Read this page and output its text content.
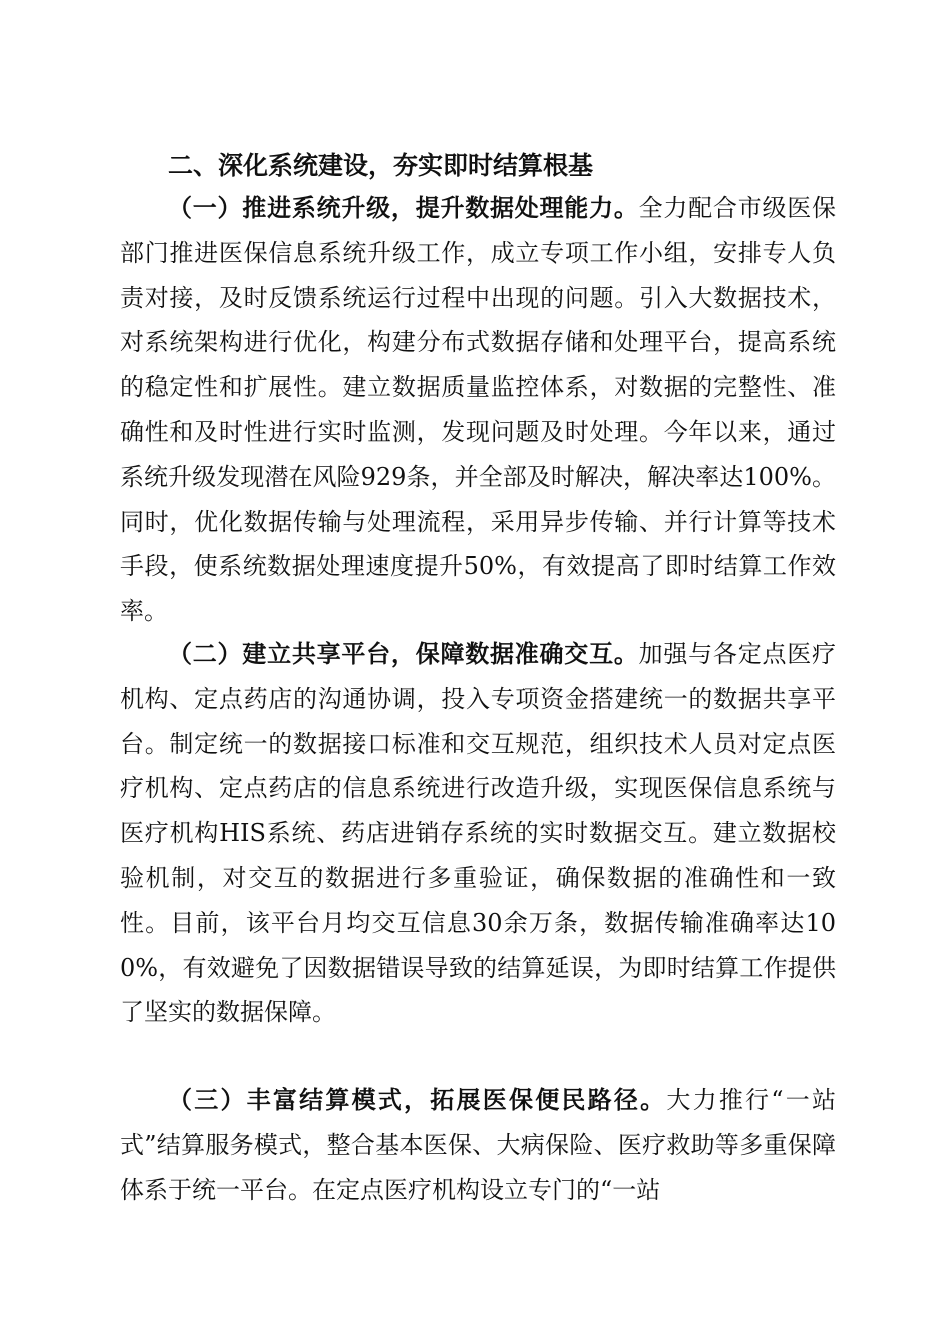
二、深化系统建设，夯实即时结算根基

（一）推进系统升级，提升数据处理能力。全力配合市级医保部门推进医保信息系统升级工作，成立专项工作小组，安排专人负责对接，及时反馈系统运行过程中出现的问题。引入大数据技术，对系统架构进行优化，构建分布式数据存储和处理平台，提高系统的稳定性和扩展性。建立数据质量监控体系，对数据的完整性、准确性和及时性进行实时监测，发现问题及时处理。今年以来，通过系统升级发现潜在风险929条，并全部及时解决，解决率达100%。同时，优化数据传输与处理流程，采用异步传输、并行计算等技术手段，使系统数据处理速度提升50%，有效提高了即时结算工作效率。

（二）建立共享平台，保障数据准确交互。加强与各定点医疗机构、定点药店的沟通协调，投入专项资金搭建统一的数据共享平台。制定统一的数据接口标准和交互规范，组织技术人员对定点医疗机构、定点药店的信息系统进行改造升级，实现医保信息系统与医疗机构HIS系统、药店进销存系统的实时数据交互。建立数据校验机制，对交互的数据进行多重验证，确保数据的准确性和一致性。目前，该平台月均交互信息30余万条，数据传输准确率达100%，有效避免了因数据错误导致的结算延误，为即时结算工作提供了坚实的数据保障。

（三）丰富结算模式，拓展医保便民路径。大力推行“一站式”结算服务模式，整合基本医保、大病保险、医疗救助等多重保障体系于统一平台。在定点医疗机构设立专门的“一站
